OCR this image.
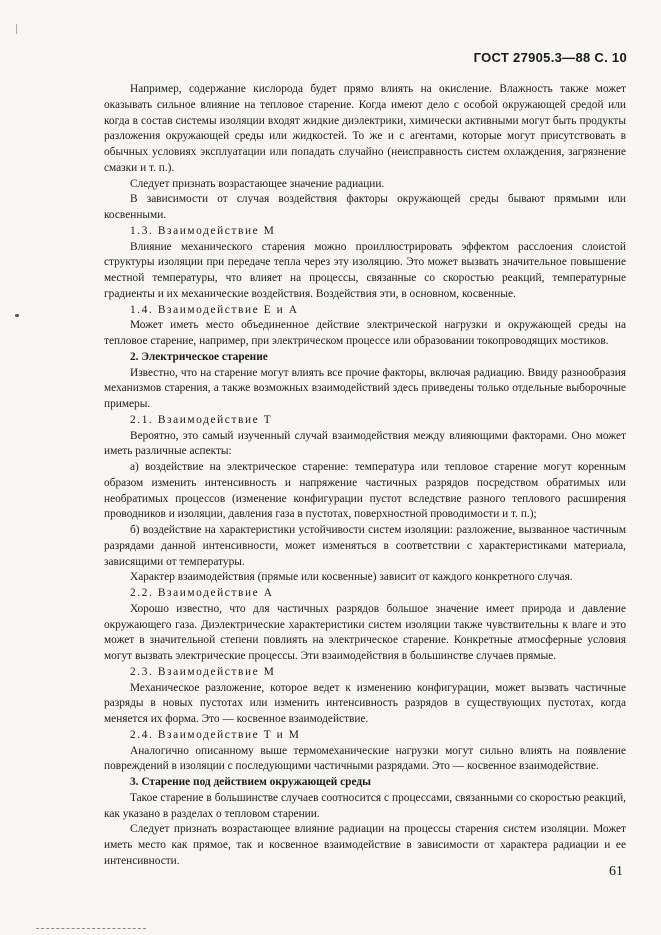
ГОСТ 27905.3—88 С. 10

Например, содержание кислорода будет прямо влиять на окисление. Влажность также может оказывать сильное влияние на тепловое старение. Когда имеют дело с особой окружающей средой или когда в состав системы изоляции входят жидкие диэлектрики, химически активными могут быть продукты разложения окружающей среды или жидкостей. То же и с агентами, которые могут присутствовать в обычных условиях эксплуатации или попадать случайно (неисправность систем охлаждения, загрязнение смазки и т. п.).

Следует признать возрастающее значение радиации.

В зависимости от случая воздействия факторы окружающей среды бывают прямыми или косвенными.

1.3. Взаимодействие М

Влияние механического старения можно проиллюстрировать эффектом расслоения слоистой структуры изоляции при передаче тепла через эту изоляцию. Это может вызвать значительное повышение местной температуры, что влияет на процессы, связанные со скоростью реакций, температурные градиенты и их механические воздействия. Воздействия эти, в основном, косвенные.

1.4. Взаимодействие Е и А

Может иметь место объединенное действие электрической нагрузки и окружающей среды на тепловое старение, например, при электрическом процессе или образовании токопроводящих мостиков.

2. Электрическое старение

Известно, что на старение могут влиять все прочие факторы, включая радиацию. Ввиду разнообразия механизмов старения, а также возможных взаимодействий здесь приведены только отдельные выборочные примеры.

2.1. Взаимодействие Т

Вероятно, это самый изученный случай взаимодействия между влияющими факторами. Оно может иметь различные аспекты:

а) воздействие на электрическое старение: температура или тепловое старение могут коренным образом изменить интенсивность и напряжение частичных разрядов посредством обратимых или необратимых процессов (изменение конфигурации пустот вследствие разного теплового расширения проводников и изоляции, давления газа в пустотах, поверхностной проводимости и т. п.);

б) воздействие на характеристики устойчивости систем изоляции: разложение, вызванное частичным разрядами данной интенсивности, может изменяться в соответствии с характеристиками материала, зависящими от температуры.

Характер взаимодействия (прямые или косвенные) зависит от каждого конкретного случая.

2.2. Взаимодействие А

Хорошо известно, что для частичных разрядов большое значение имеет природа и давление окружающего газа. Диэлектрические характеристики систем изоляции также чувствительны к влаге и это может в значительной степени повлиять на электрическое старение. Конкретные атмосферные условия могут вызвать электрические процессы. Эти взаимодействия в большинстве случаев прямые.

2.3. Взаимодействие М

Механическое разложение, которое ведет к изменению конфигурации, может вызвать частичные разряды в новых пустотах или изменить интенсивность разрядов в существующих пустотах, когда меняется их форма. Это — косвенное взаимодействие.

2.4. Взаимодействие Т и М

Аналогично описанному выше термомеханические нагрузки могут сильно влиять на появление повреждений в изоляции с последующими частичными разрядами. Это — косвенное взаимодействие.

3. Старение под действием окружающей среды

Такое старение в большинстве случаев соотносится с процессами, связанными со скоростью реакций, как указано в разделах о тепловом старении.

Следует признать возрастающее влияние радиации на процессы старения систем изоляции. Может иметь место как прямое, так и косвенное взаимодействие в зависимости от характера радиации и ее интенсивности.

61
